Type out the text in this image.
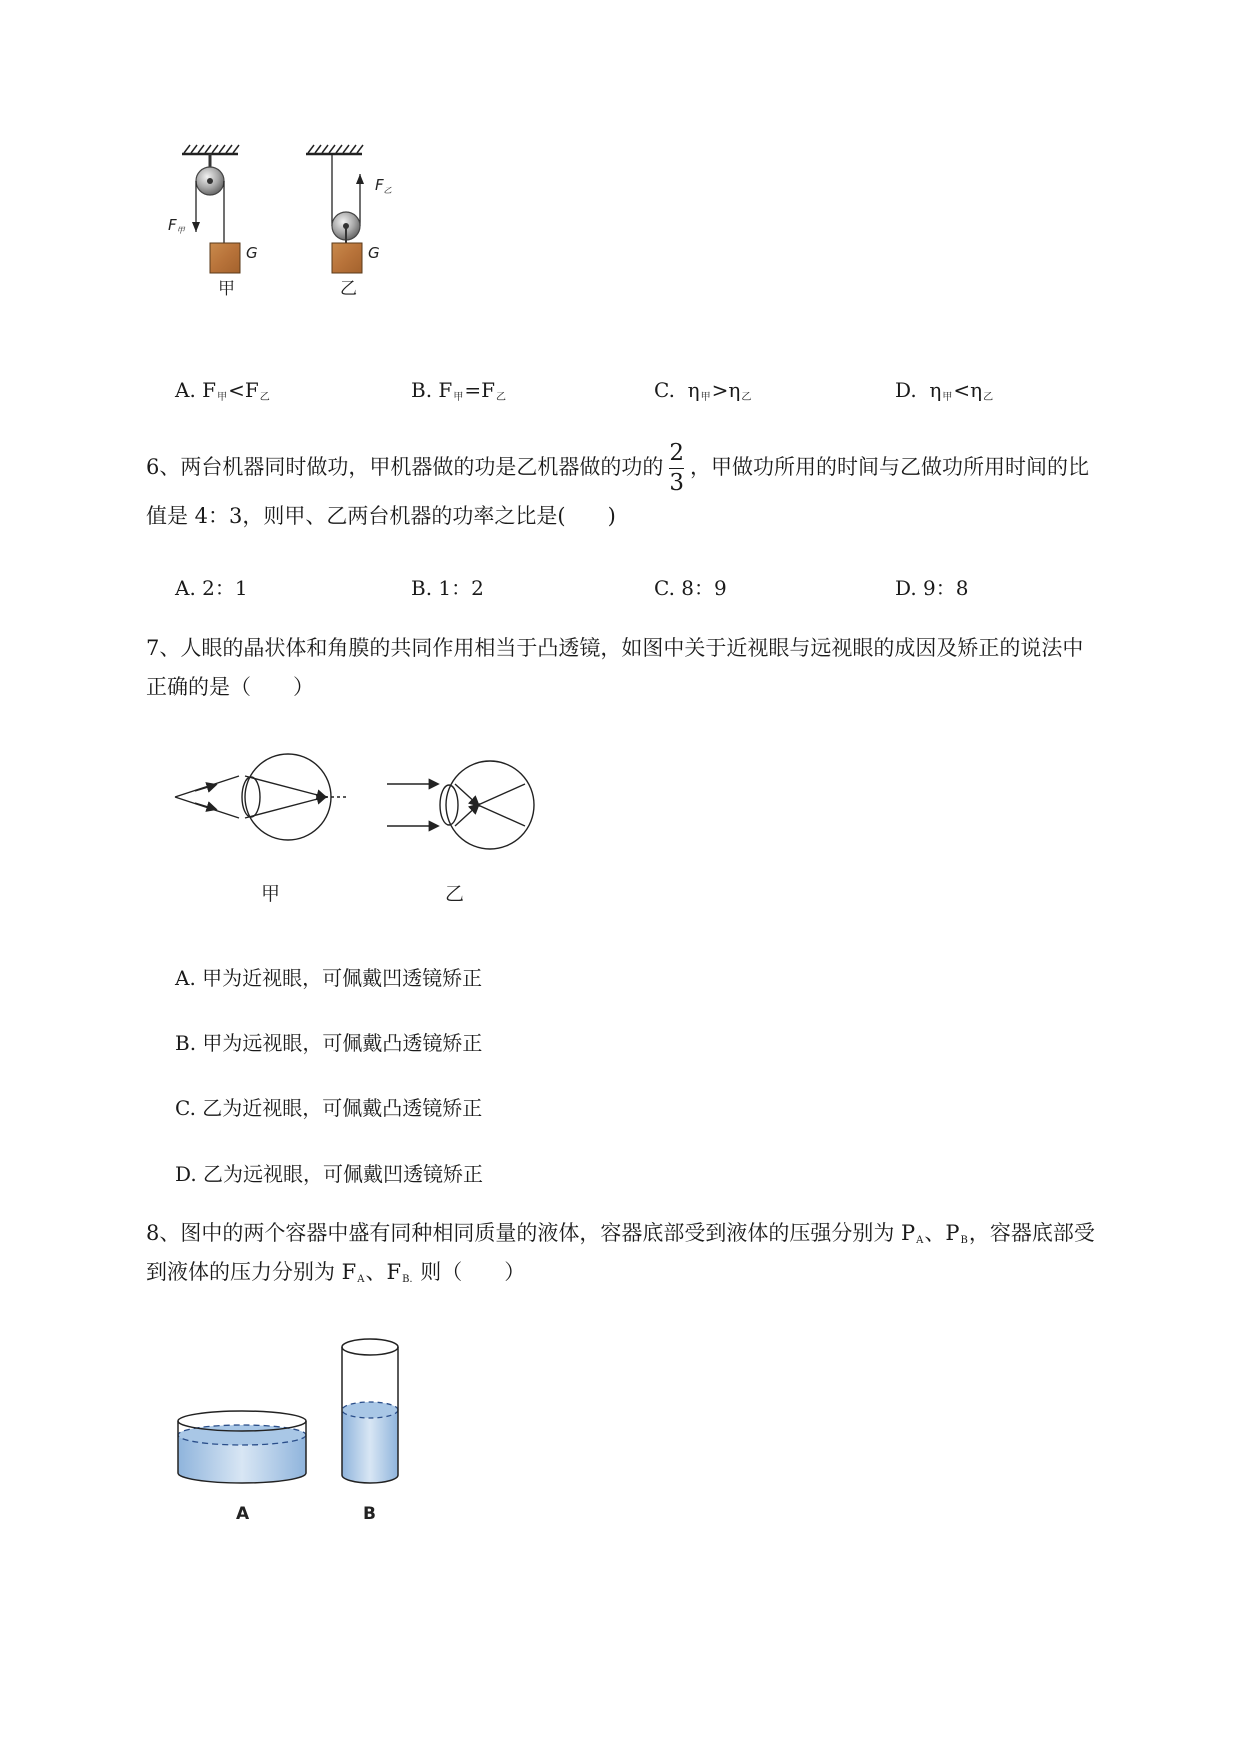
$F_甲$
G
甲
$F_乙$
G
乙
A. $F_甲<F_乙$	B. $F_甲=F_乙$	C. $\eta_甲>\eta_乙$	D. $\eta_甲<\eta_乙$
6、两台机器同时做功，甲机器做的功是乙机器做的功的 $\frac{2}{3}$ ，甲做功所用的时间与乙做功所用时间的比
值是 4：3，则甲、乙两台机器的功率之比是(　　)
A. 2：1	B. 1：2	C. 8：9	D. 9：8
7、人眼的晶状体和角膜的共同作用相当于凸透镜，如图中关于近视眼与远视眼的成因及矫正的说法中
正确的是（　　）
甲	乙
A. 甲为近视眼，可佩戴凹透镜矫正
B. 甲为远视眼，可佩戴凸透镜矫正
C. 乙为近视眼，可佩戴凸透镜矫正
D. 乙为远视眼，可佩戴凹透镜矫正
8、图中的两个容器中盛有同种相同质量的液体，容器底部受到液体的压强分别为 $P_A$、$P_B$，容器底部受
到液体的压力分别为 $F_A$、$F_{B.}$ 则（　　）
A	B
